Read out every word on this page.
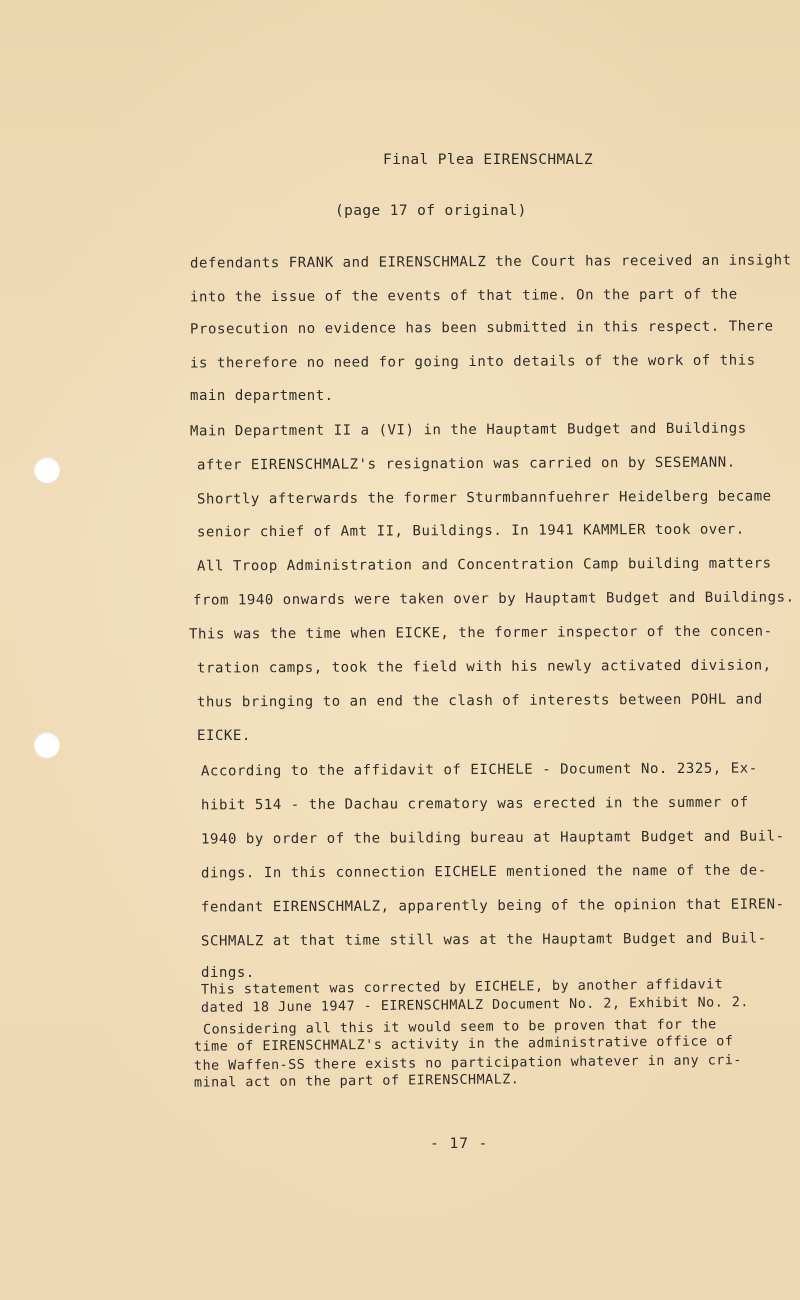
Final Plea EIRENSCHMALZ
(page 17 of original)
defendants FRANK and EIRENSCHMALZ the Court has received an insight
into the issue of the events of that time. On the part of the
Prosecution no evidence has been submitted in this respect. There
is therefore no need for going into details of the work of this
main department.
Main Department II a (VI) in the Hauptamt Budget and Buildings
after EIRENSCHMALZ's resignation was carried on by SESEMANN.
Shortly afterwards the former Sturmbannfuehrer Heidelberg became
senior chief of Amt II, Buildings. In 1941 KAMMLER took over.
All Troop Administration and Concentration Camp building matters
from 1940 onwards were taken over by Hauptamt Budget and Buildings.
This was the time when EICKE, the former inspector of the concen-
tration camps, took the field with his newly activated division,
thus bringing to an end the clash of interests between POHL and
EICKE.
According to the affidavit of EICHELE - Document No. 2325, Ex-
hibit 514 - the Dachau crematory was erected in the summer of
1940 by order of the building bureau at Hauptamt Budget and Buil-
dings. In this connection EICHELE mentioned the name of the de-
fendant EIRENSCHMALZ, apparently being of the opinion that EIREN-
SCHMALZ at that time still was at the Hauptamt Budget and Buil-
dings.
This statement was corrected by EICHELE, by another affidavit
dated 18 June 1947 - EIRENSCHMALZ Document No. 2, Exhibit No. 2.
Considering all this it would seem to be proven that for the
time of EIRENSCHMALZ's activity in the administrative office of
the Waffen-SS there exists no participation whatever in any cri-
minal act on the part of EIRENSCHMALZ.
- 17 -
